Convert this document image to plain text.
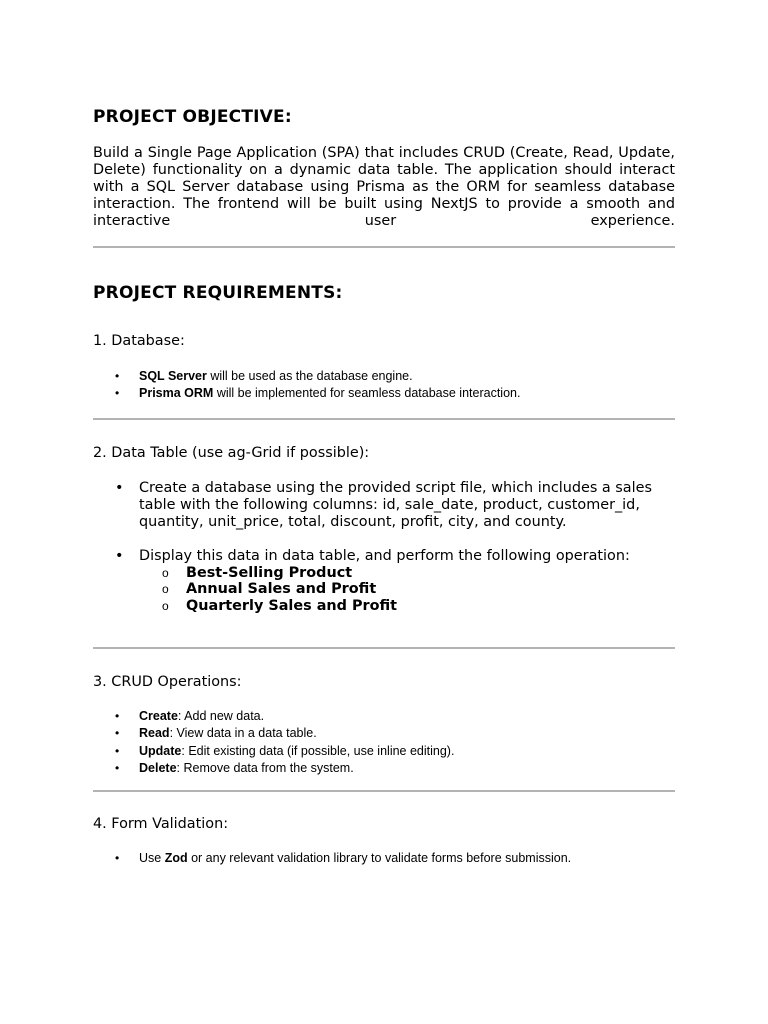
PROJECT OBJECTIVE:

Build a Single Page Application (SPA) that includes CRUD (Create, Read, Update, Delete) functionality on a dynamic data table. The application should interact with a SQL Server database using Prisma as the ORM for seamless database interaction. The frontend will be built using NextJS to provide a smooth and interactive user experience.

PROJECT REQUIREMENTS:
1. Database:
• SQL Server will be used as the database engine.
• Prisma ORM will be implemented for seamless database interaction.
2. Data Table (use ag-Grid if possible):
• Create a database using the provided script file, which includes a sales table with the following columns: id, sale_date, product, customer_id, quantity, unit_price, total, discount, profit, city, and county.
• Display this data in data table, and perform the following operation:
o Best-Selling Product
o Annual Sales and Profit
o Quarterly Sales and Profit
3. CRUD Operations:
• Create: Add new data.
• Read: View data in a data table.
• Update: Edit existing data (if possible, use inline editing).
• Delete: Remove data from the system.
4. Form Validation:
• Use Zod or any relevant validation library to validate forms before submission.
